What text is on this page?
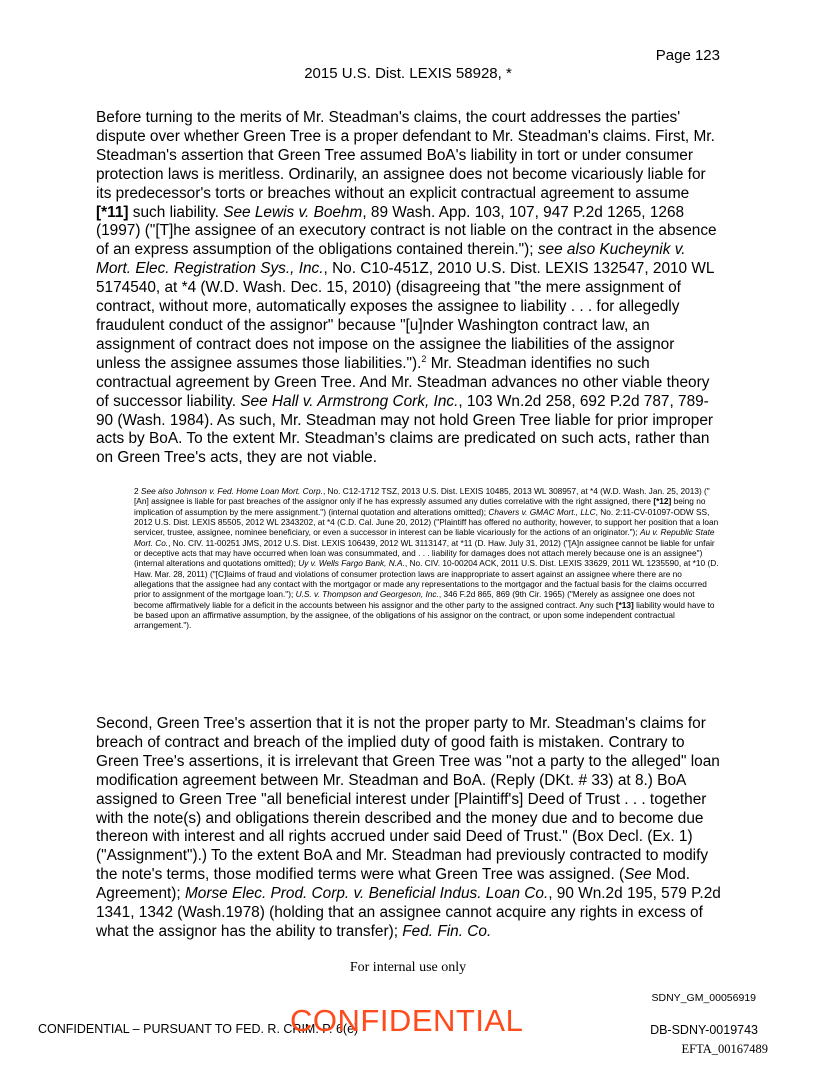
Page 123
2015 U.S. Dist. LEXIS 58928, *
Before turning to the merits of Mr. Steadman's claims, the court addresses the parties' dispute over whether Green Tree is a proper defendant to Mr. Steadman's claims. First, Mr. Steadman's assertion that Green Tree assumed BoA's liability in tort or under consumer protection laws is meritless. Ordinarily, an assignee does not become vicariously liable for its predecessor's torts or breaches without an explicit contractual agreement to assume [*11] such liability. See Lewis v. Boehm, 89 Wash. App. 103, 107, 947 P.2d 1265, 1268 (1997) ("[T]he assignee of an executory contract is not liable on the contract in the absence of an express assumption of the obligations contained therein."); see also Kucheynik v. Mort. Elec. Registration Sys., Inc., No. C10-451Z, 2010 U.S. Dist. LEXIS 132547, 2010 WL 5174540, at *4 (W.D. Wash. Dec. 15, 2010) (disagreeing that "the mere assignment of contract, without more, automatically exposes the assignee to liability . . . for allegedly fraudulent conduct of the assignor" because "[u]nder Washington contract law, an assignment of contract does not impose on the assignee the liabilities of the assignor unless the assignee assumes those liabilities.").$^2$ Mr. Steadman identifies no such contractual agreement by Green Tree. And Mr. Steadman advances no other viable theory of successor liability. See Hall v. Armstrong Cork, Inc., 103 Wn.2d 258, 692 P.2d 787, 789-90 (Wash. 1984). As such, Mr. Steadman may not hold Green Tree liable for prior improper acts by BoA. To the extent Mr. Steadman's claims are predicated on such acts, rather than on Green Tree's acts, they are not viable.
2 See also Johnson v. Fed. Home Loan Mort. Corp., No. C12-1712 TSZ, 2013 U.S. Dist. LEXIS 10485, 2013 WL 308957, at *4 (W.D. Wash. Jan. 25, 2013) ("[An] assignee is liable for past breaches of the assignor only if he has expressly assumed any duties correlative with the right assigned, there [*12] being no implication of assumption by the mere assignment.") (internal quotation and alterations omitted); Chavers v. GMAC Mort., LLC, No. 2:11-CV-01097-ODW SS, 2012 U.S. Dist. LEXIS 85505, 2012 WL 2343202, at *4 (C.D. Cal. June 20, 2012) ("Plaintiff has offered no authority, however, to support her position that a loan servicer, trustee, assignee, nominee beneficiary, or even a successor in interest can be liable vicariously for the actions of an originator."); Au v. Republic State Mort. Co., No. CIV. 11-00251 JMS, 2012 U.S. Dist. LEXIS 106439, 2012 WL 3113147, at *11 (D. Haw. July 31, 2012) ("[A]n assignee cannot be liable for unfair or deceptive acts that may have occurred when loan was consummated, and . . . liability for damages does not attach merely because one is an assignee") (internal alterations and quotations omitted); Uy v. Wells Fargo Bank, N.A., No. CIV. 10-00204 ACK, 2011 U.S. Dist. LEXIS 33629, 2011 WL 1235590, at *10 (D. Haw. Mar. 28, 2011) ("[C]laims of fraud and violations of consumer protection laws are inappropriate to assert against an assignee where there are no allegations that the assignee had any contact with the mortgagor or made any representations to the mortgagor and the factual basis for the claims occurred prior to assignment of the mortgage loan."); U.S. v. Thompson and Georgeson, Inc., 346 F.2d 865, 869 (9th Cir. 1965) ("Merely as assignee one does not become affirmatively liable for a deficit in the accounts between his assignor and the other party to the assigned contract. Any such [*13] liability would have to be based upon an affirmative assumption, by the assignee, of the obligations of his assignor on the contract, or upon some independent contractual arrangement.").
Second, Green Tree's assertion that it is not the proper party to Mr. Steadman's claims for breach of contract and breach of the implied duty of good faith is mistaken. Contrary to Green Tree's assertions, it is irrelevant that Green Tree was "not a party to the alleged" loan modification agreement between Mr. Steadman and BoA. (Reply (DKt. # 33) at 8.) BoA assigned to Green Tree "all beneficial interest under [Plaintiff's] Deed of Trust . . . together with the note(s) and obligations therein described and the money due and to become due thereon with interest and all rights accrued under said Deed of Trust." (Box Decl. (Ex. 1) ("Assignment").) To the extent BoA and Mr. Steadman had previously contracted to modify the note's terms, those modified terms were what Green Tree was assigned. (See Mod. Agreement); Morse Elec. Prod. Corp. v. Beneficial Indus. Loan Co., 90 Wn.2d 195, 579 P.2d 1341, 1342 (Wash.1978) (holding that an assignee cannot acquire any rights in excess of what the assignor has the ability to transfer); Fed. Fin. Co.
For internal use only
SDNY_GM_00056919
CONFIDENTIAL – PURSUANT TO FED. R. CRIM. P. 6(e)
CONFIDENTIAL	DB-SDNY-0019743
EFTA_00167489
